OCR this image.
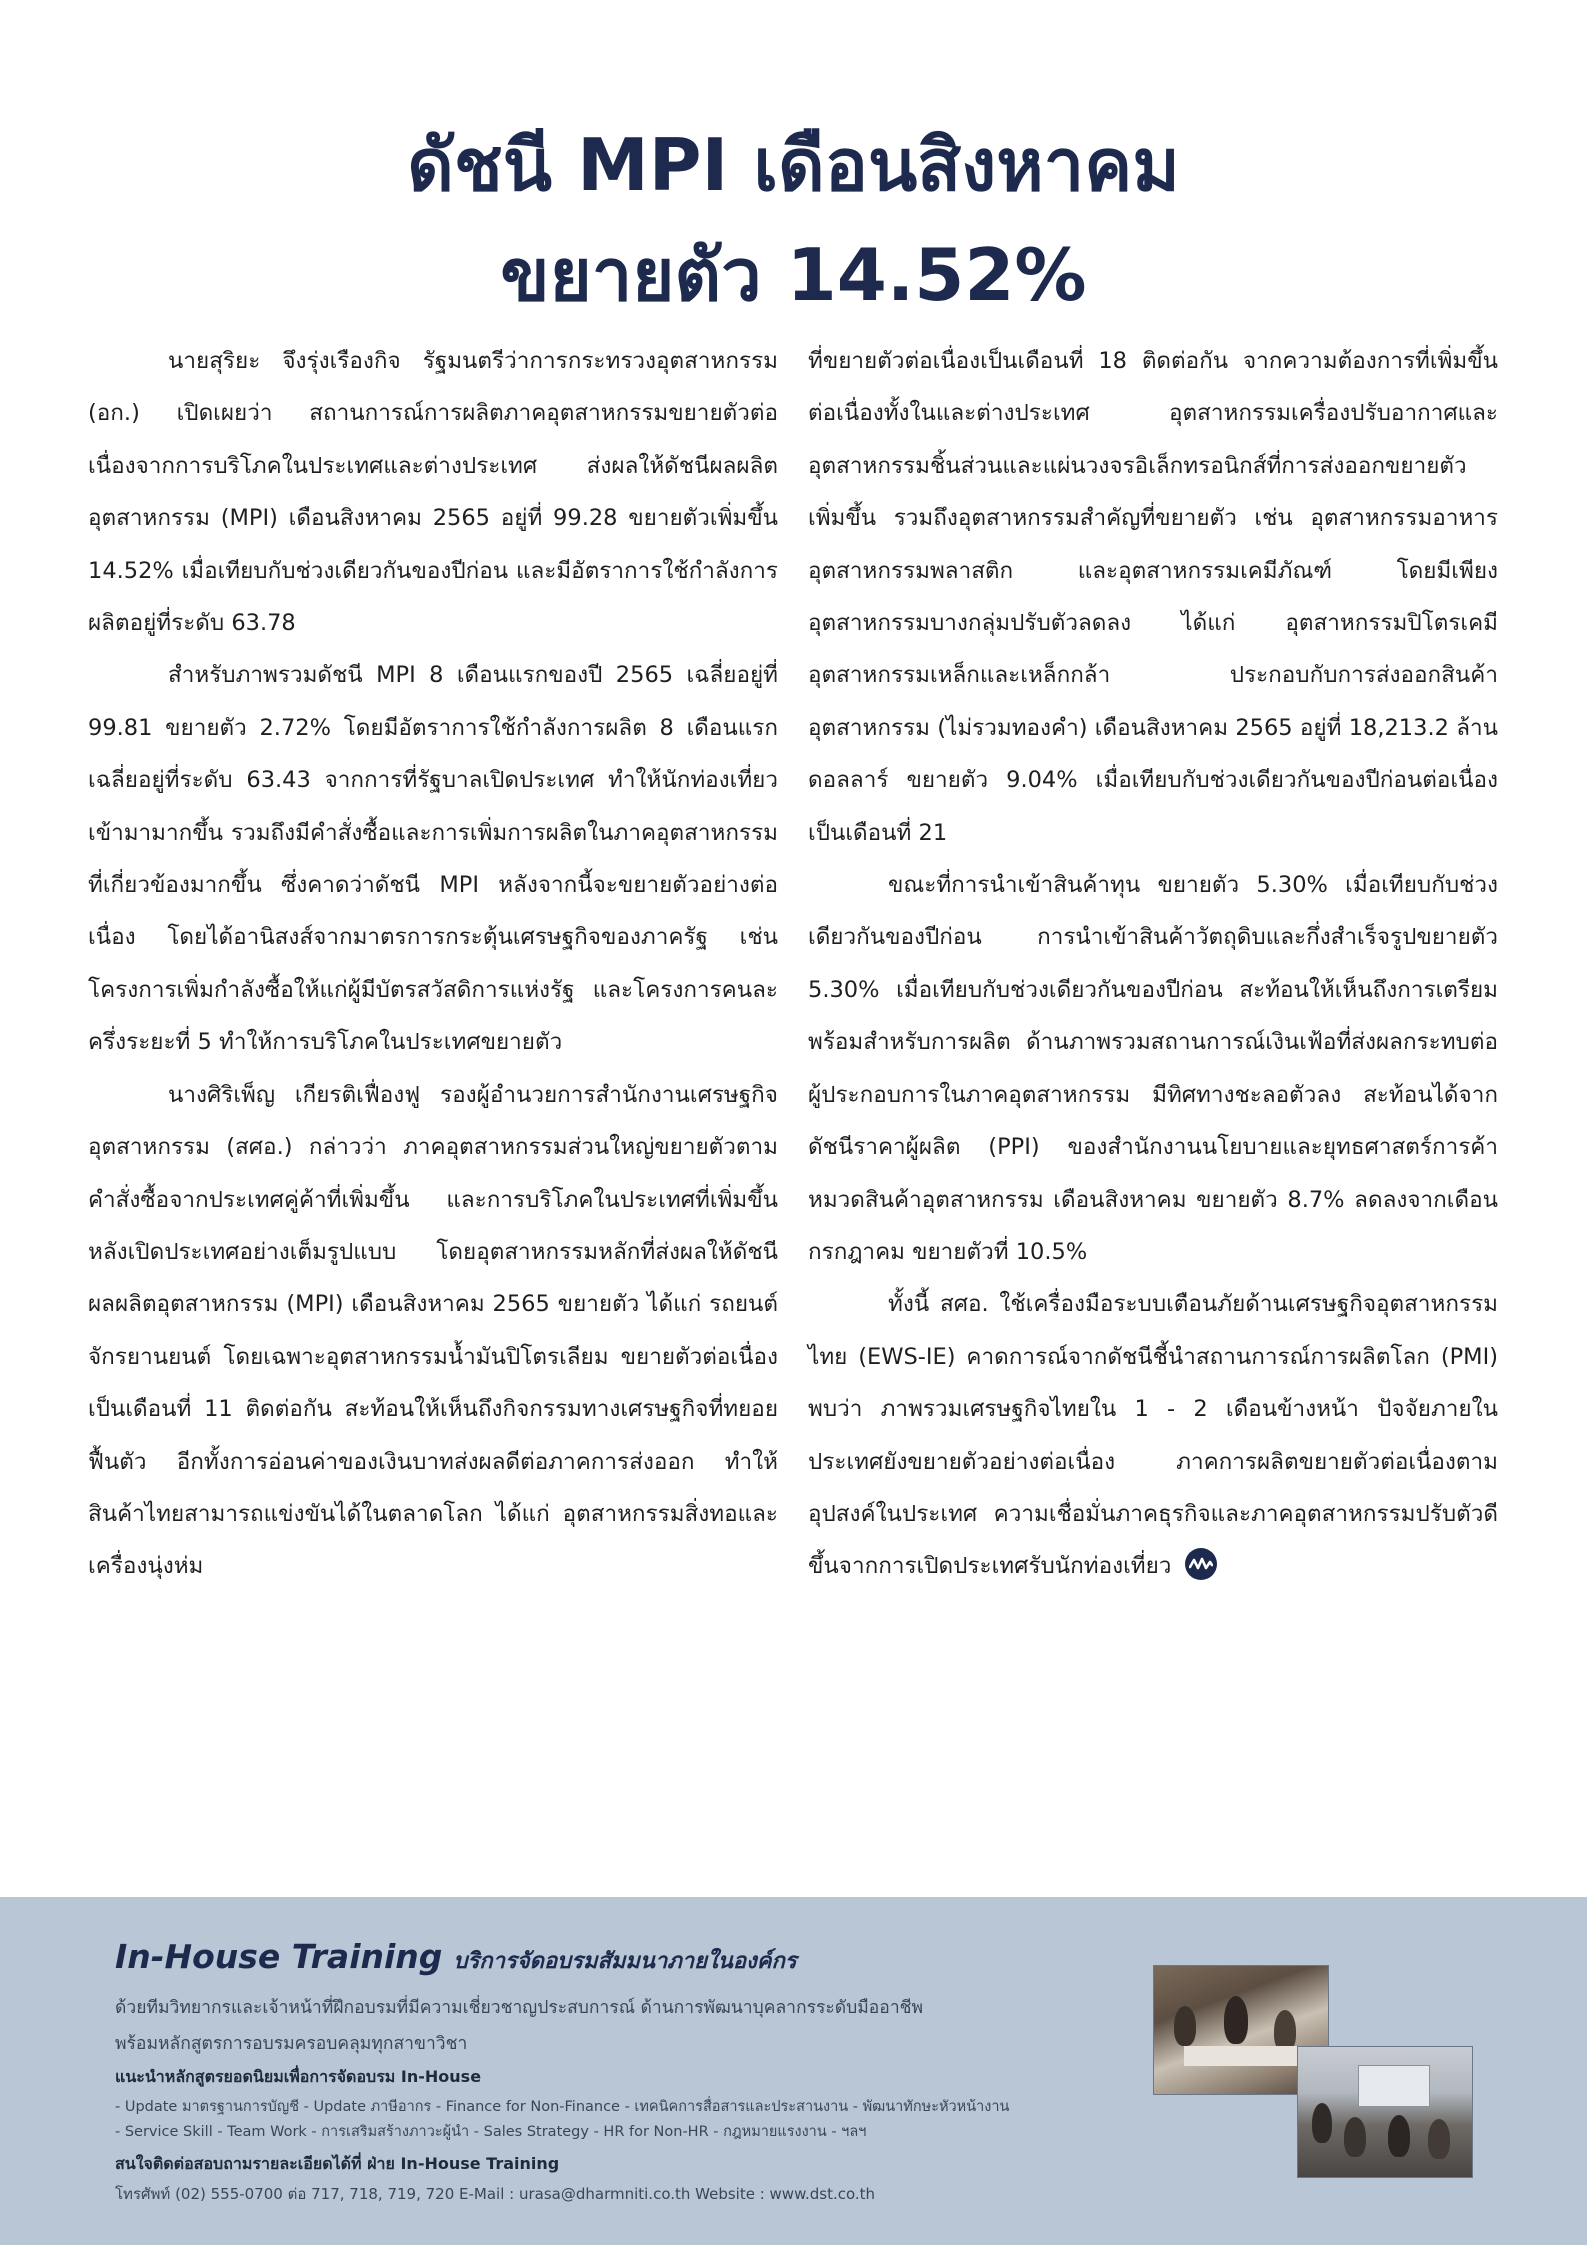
ดัชนี MPI เดือนสิงหาคม
ขยายตัว 14.52%

นายสุริยะ จึงรุ่งเรืองกิจ รัฐมนตรีว่าการกระทรวงอุตสาหกรรม (อก.) เปิดเผยว่า สถานการณ์การผลิตภาคอุตสาหกรรมขยายตัวต่อเนื่องจากการบริโภคในประเทศและต่างประเทศ ส่งผลให้ดัชนีผลผลิตอุตสาหกรรม (MPI) เดือนสิงหาคม 2565 อยู่ที่ 99.28 ขยายตัวเพิ่มขึ้น 14.52% เมื่อเทียบกับช่วงเดียวกันของปีก่อน และมีอัตราการใช้กำลังการผลิตอยู่ที่ระดับ 63.78

สำหรับภาพรวมดัชนี MPI 8 เดือนแรกของปี 2565 เฉลี่ยอยู่ที่ 99.81 ขยายตัว 2.72% โดยมีอัตราการใช้กำลังการผลิต 8 เดือนแรก เฉลี่ยอยู่ที่ระดับ 63.43 จากการที่รัฐบาลเปิดประเทศ ทำให้นักท่องเที่ยวเข้ามามากขึ้น รวมถึงมีคำสั่งซื้อและการเพิ่มการผลิตในภาคอุตสาหกรรมที่เกี่ยวข้องมากขึ้น ซึ่งคาดว่าดัชนี MPI หลังจากนี้จะขยายตัวอย่างต่อเนื่อง โดยได้อานิสงส์จากมาตรการกระตุ้นเศรษฐกิจของภาครัฐ เช่น โครงการเพิ่มกำลังซื้อให้แก่ผู้มีบัตรสวัสดิการแห่งรัฐ และโครงการคนละครึ่งระยะที่ 5 ทำให้การบริโภคในประเทศขยายตัว

นางศิริเพ็ญ เกียรติเฟื่องฟู รองผู้อำนวยการสำนักงานเศรษฐกิจอุตสาหกรรม (สศอ.) กล่าวว่า ภาคอุตสาหกรรมส่วนใหญ่ขยายตัวตามคำสั่งซื้อจากประเทศคู่ค้าที่เพิ่มขึ้น และการบริโภคในประเทศที่เพิ่มขึ้นหลังเปิดประเทศอย่างเต็มรูปแบบ โดยอุตสาหกรรมหลักที่ส่งผลให้ดัชนีผลผลิตอุตสาหกรรม (MPI) เดือนสิงหาคม 2565 ขยายตัว ได้แก่ รถยนต์ จักรยานยนต์ โดยเฉพาะอุตสาหกรรมน้ำมันปิโตรเลียม ขยายตัวต่อเนื่องเป็นเดือนที่ 11 ติดต่อกัน สะท้อนให้เห็นถึงกิจกรรมทางเศรษฐกิจที่ทยอยฟื้นตัว อีกทั้งการอ่อนค่าของเงินบาทส่งผลดีต่อภาคการส่งออก ทำให้สินค้าไทยสามารถแข่งขันได้ในตลาดโลก ได้แก่ อุตสาหกรรมสิ่งทอและเครื่องนุ่งห่ม

ที่ขยายตัวต่อเนื่องเป็นเดือนที่ 18 ติดต่อกัน จากความต้องการที่เพิ่มขึ้นต่อเนื่องทั้งในและต่างประเทศ อุตสาหกรรมเครื่องปรับอากาศและอุตสาหกรรมชิ้นส่วนและแผ่นวงจรอิเล็กทรอนิกส์ที่การส่งออกขยายตัวเพิ่มขึ้น รวมถึงอุตสาหกรรมสำคัญที่ขยายตัว เช่น อุตสาหกรรมอาหาร อุตสาหกรรมพลาสติก และอุตสาหกรรมเคมีภัณฑ์ โดยมีเพียงอุตสาหกรรมบางกลุ่มปรับตัวลดลง ได้แก่ อุตสาหกรรมปิโตรเคมี อุตสาหกรรมเหล็กและเหล็กกล้า ประกอบกับการส่งออกสินค้าอุตสาหกรรม (ไม่รวมทองคำ) เดือนสิงหาคม 2565 อยู่ที่ 18,213.2 ล้านดอลลาร์ ขยายตัว 9.04% เมื่อเทียบกับช่วงเดียวกันของปีก่อนต่อเนื่องเป็นเดือนที่ 21

ขณะที่การนำเข้าสินค้าทุน ขยายตัว 5.30% เมื่อเทียบกับช่วงเดียวกันของปีก่อน การนำเข้าสินค้าวัตถุดิบและกึ่งสำเร็จรูปขยายตัว 5.30% เมื่อเทียบกับช่วงเดียวกันของปีก่อน สะท้อนให้เห็นถึงการเตรียมพร้อมสำหรับการผลิต ด้านภาพรวมสถานการณ์เงินเฟ้อที่ส่งผลกระทบต่อผู้ประกอบการในภาคอุตสาหกรรม มีทิศทางชะลอตัวลง สะท้อนได้จากดัชนีราคาผู้ผลิต (PPI) ของสำนักงานนโยบายและยุทธศาสตร์การค้า หมวดสินค้าอุตสาหกรรม เดือนสิงหาคม ขยายตัว 8.7% ลดลงจากเดือนกรกฎาคม ขยายตัวที่ 10.5%

ทั้งนี้ สศอ. ใช้เครื่องมือระบบเตือนภัยด้านเศรษฐกิจอุตสาหกรรมไทย (EWS-IE) คาดการณ์จากดัชนีชี้นำสถานการณ์การผลิตโลก (PMI) พบว่า ภาพรวมเศรษฐกิจไทยใน 1 - 2 เดือนข้างหน้า ปัจจัยภายในประเทศยังขยายตัวอย่างต่อเนื่อง ภาคการผลิตขยายตัวต่อเนื่องตามอุปสงค์ในประเทศ ความเชื่อมั่นภาคธุรกิจและภาคอุตสาหกรรมปรับตัวดีขึ้นจากการเปิดประเทศรับนักท่องเที่ยว

In-House Training บริการจัดอบรมสัมมนาภายในองค์กร
ด้วยทีมวิทยากรและเจ้าหน้าที่ฝึกอบรมที่มีความเชี่ยวชาญประสบการณ์ ด้านการพัฒนาบุคลากรระดับมืออาชีพ
พร้อมหลักสูตรการอบรมครอบคลุมทุกสาขาวิชา
แนะนำหลักสูตรยอดนิยมเพื่อการจัดอบรม In-House
- Update มาตรฐานการบัญชี - Update ภาษีอากร - Finance for Non-Finance - เทคนิคการสื่อสารและประสานงาน - พัฒนาทักษะหัวหน้างาน
- Service Skill - Team Work - การเสริมสร้างภาวะผู้นำ - Sales Strategy - HR for Non-HR - กฎหมายแรงงาน - ฯลฯ
สนใจติดต่อสอบถามรายละเอียดได้ที่ ฝ่าย In-House Training
โทรศัพท์ (02) 555-0700 ต่อ 717, 718, 719, 720 E-Mail : urasa@dharmniti.co.th Website : www.dst.co.th
